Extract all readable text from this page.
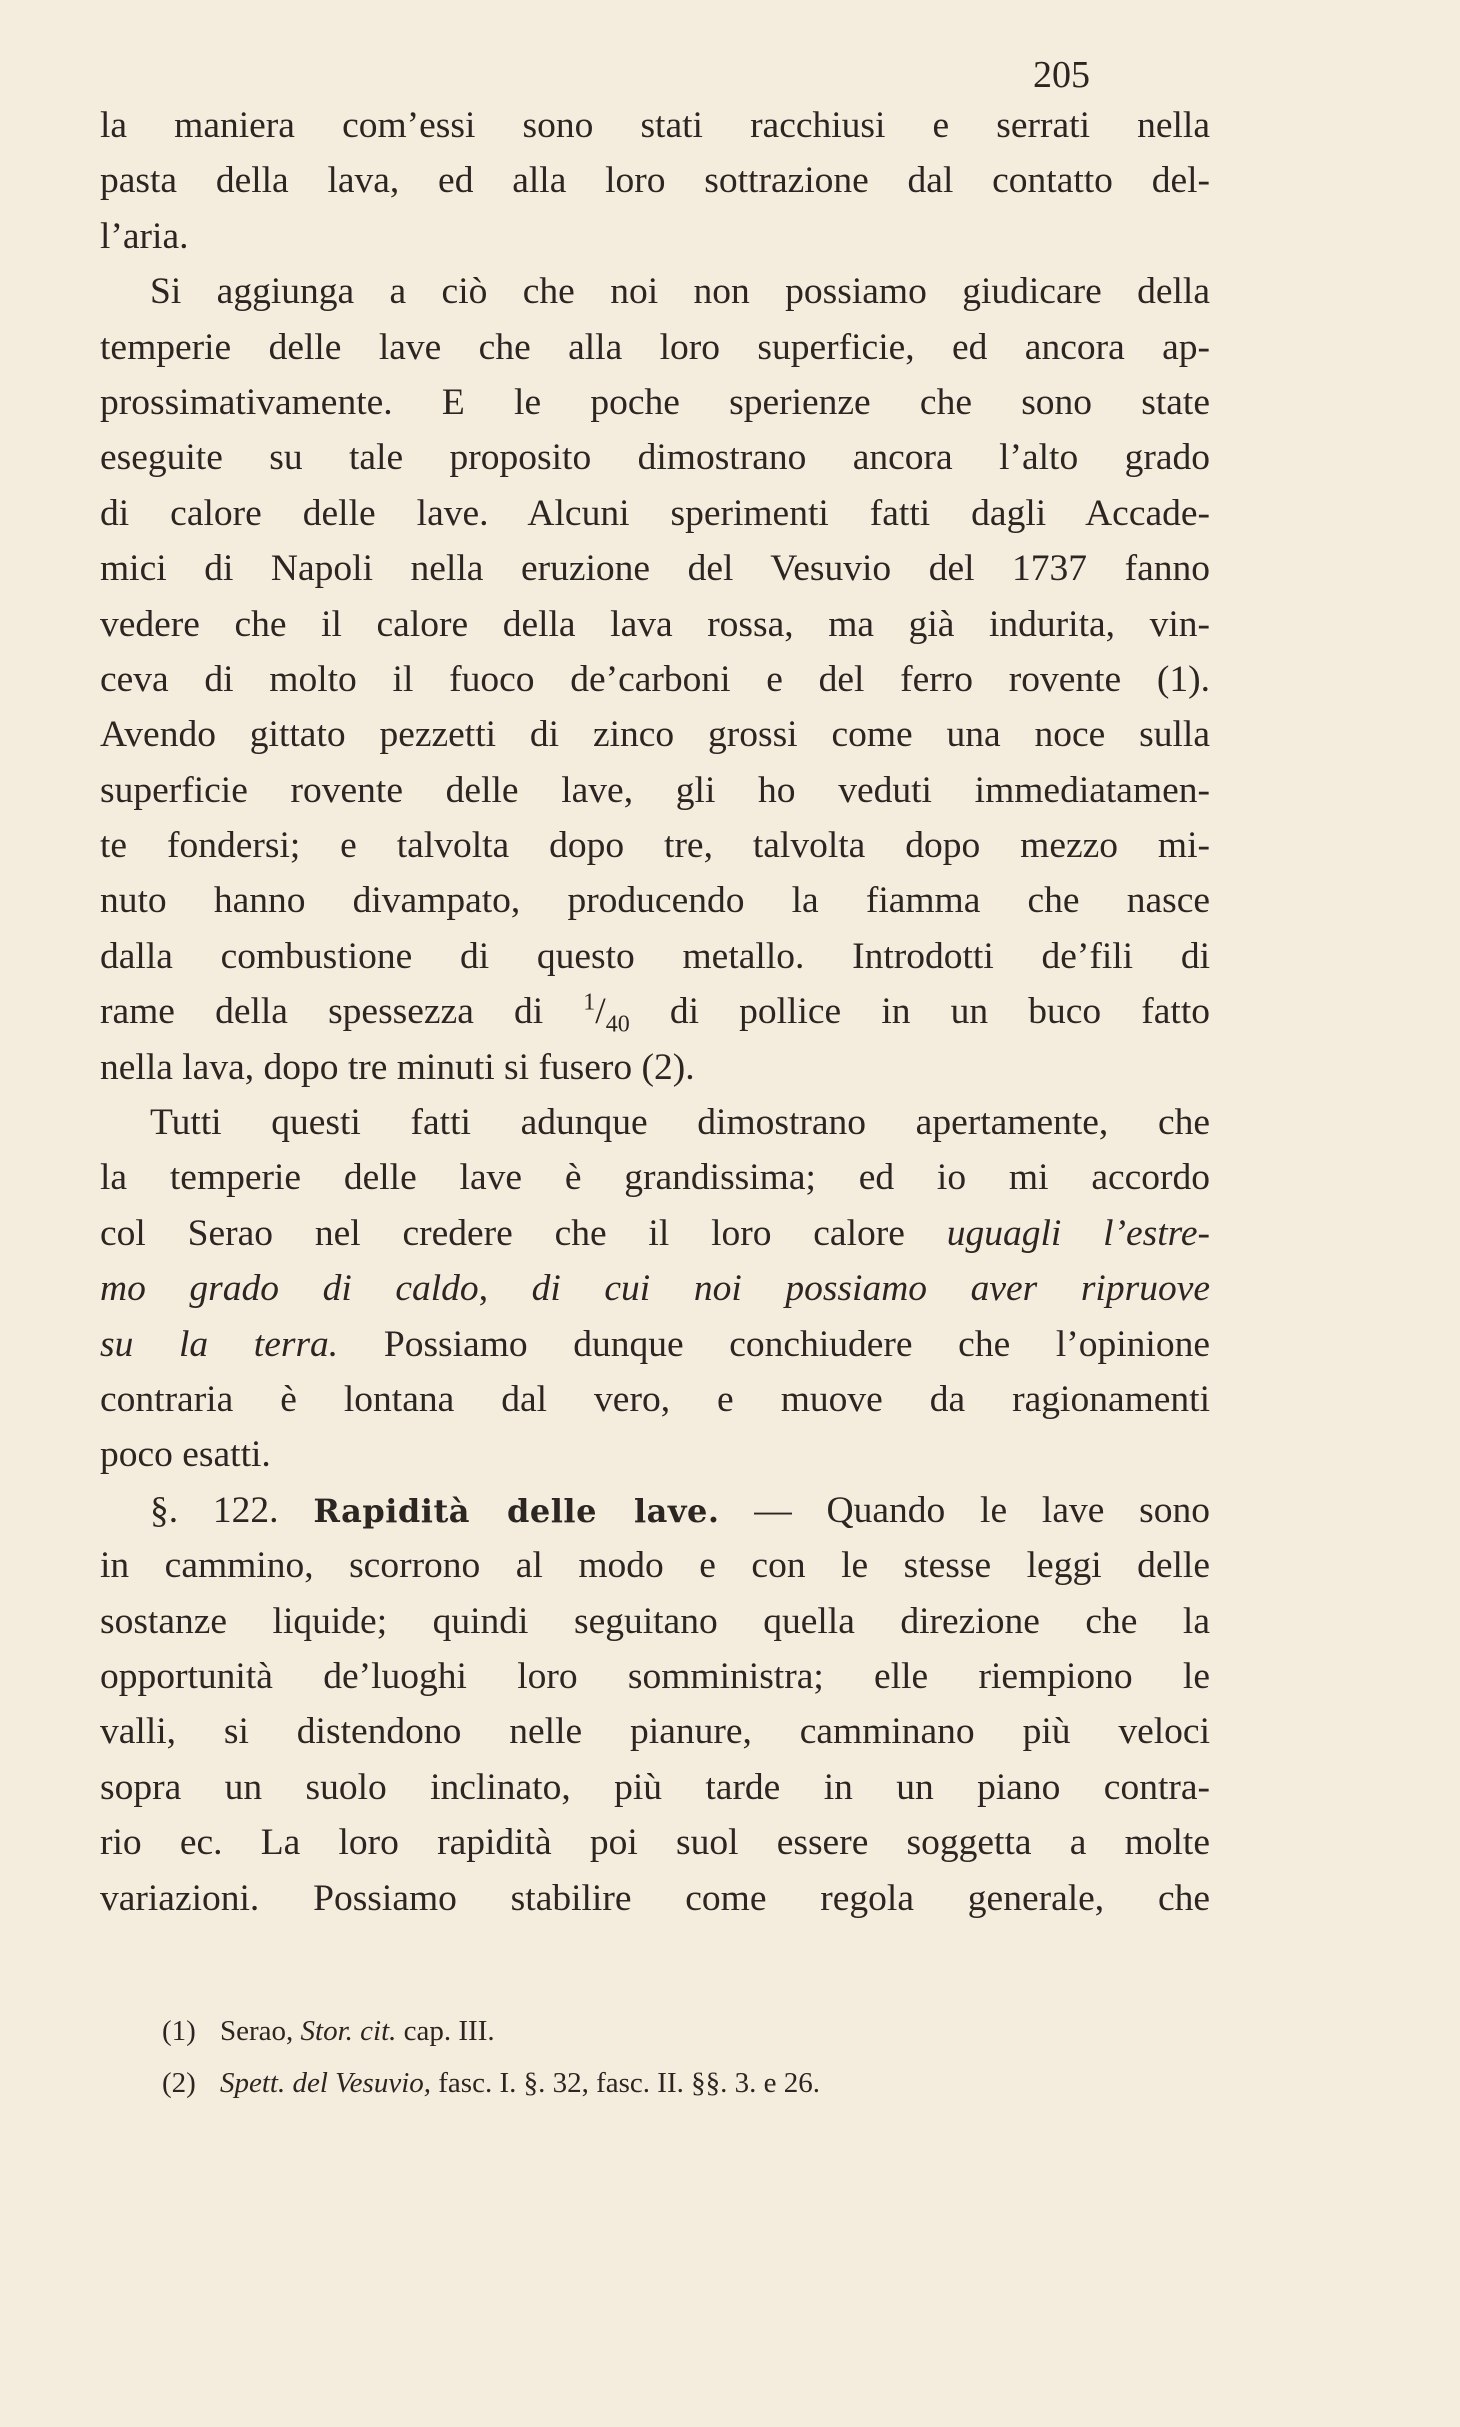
205
la maniera com’essi sono stati racchiusi e serrati nella
pasta della lava, ed alla loro sottrazione dal contatto del-
l’aria.
Si aggiunga a ciò che noi non possiamo giudicare della
temperie delle lave che alla loro superficie, ed ancora ap-
prossimativamente. E le poche sperienze che sono state
eseguite su tale proposito dimostrano ancora l’alto grado
di calore delle lave. Alcuni sperimenti fatti dagli Accade-
mici di Napoli nella eruzione del Vesuvio del 1737 fanno
vedere che il calore della lava rossa, ma già indurita, vin-
ceva di molto il fuoco de’carboni e del ferro rovente (1).
Avendo gittato pezzetti di zinco grossi come una noce sulla
superficie rovente delle lave, gli ho veduti immediatamen-
te fondersi; e talvolta dopo tre, talvolta dopo mezzo mi-
nuto hanno divampato, producendo la fiamma che nasce
dalla combustione di questo metallo. Introdotti de’fili di
rame della spessezza di $^1/_{40}$ di pollice in un buco fatto
nella lava, dopo tre minuti si fusero (2).
Tutti questi fatti adunque dimostrano apertamente, che
la temperie delle lave è grandissima; ed io mi accordo
col Serao nel credere che il loro calore uguagli l’estre-
mo grado di caldo, di cui noi possiamo aver ripruove
su la terra. Possiamo dunque conchiudere che l’opinione
contraria è lontana dal vero, e muove da ragionamenti
poco esatti.
§. 122. Rapidità delle lave. — Quando le lave sono
in cammino, scorrono al modo e con le stesse leggi delle
sostanze liquide; quindi seguitano quella direzione che la
opportunità de’luoghi loro somministra; elle riempiono le
valli, si distendono nelle pianure, camminano più veloci
sopra un suolo inclinato, più tarde in un piano contra-
rio ec. La loro rapidità poi suol essere soggetta a molte
variazioni. Possiamo stabilire come regola generale, che
(1) Serao, Stor. cit. cap. III.
(2) Spett. del Vesuvio, fasc. I. §. 32, fasc. II. §§. 3. e 26.
